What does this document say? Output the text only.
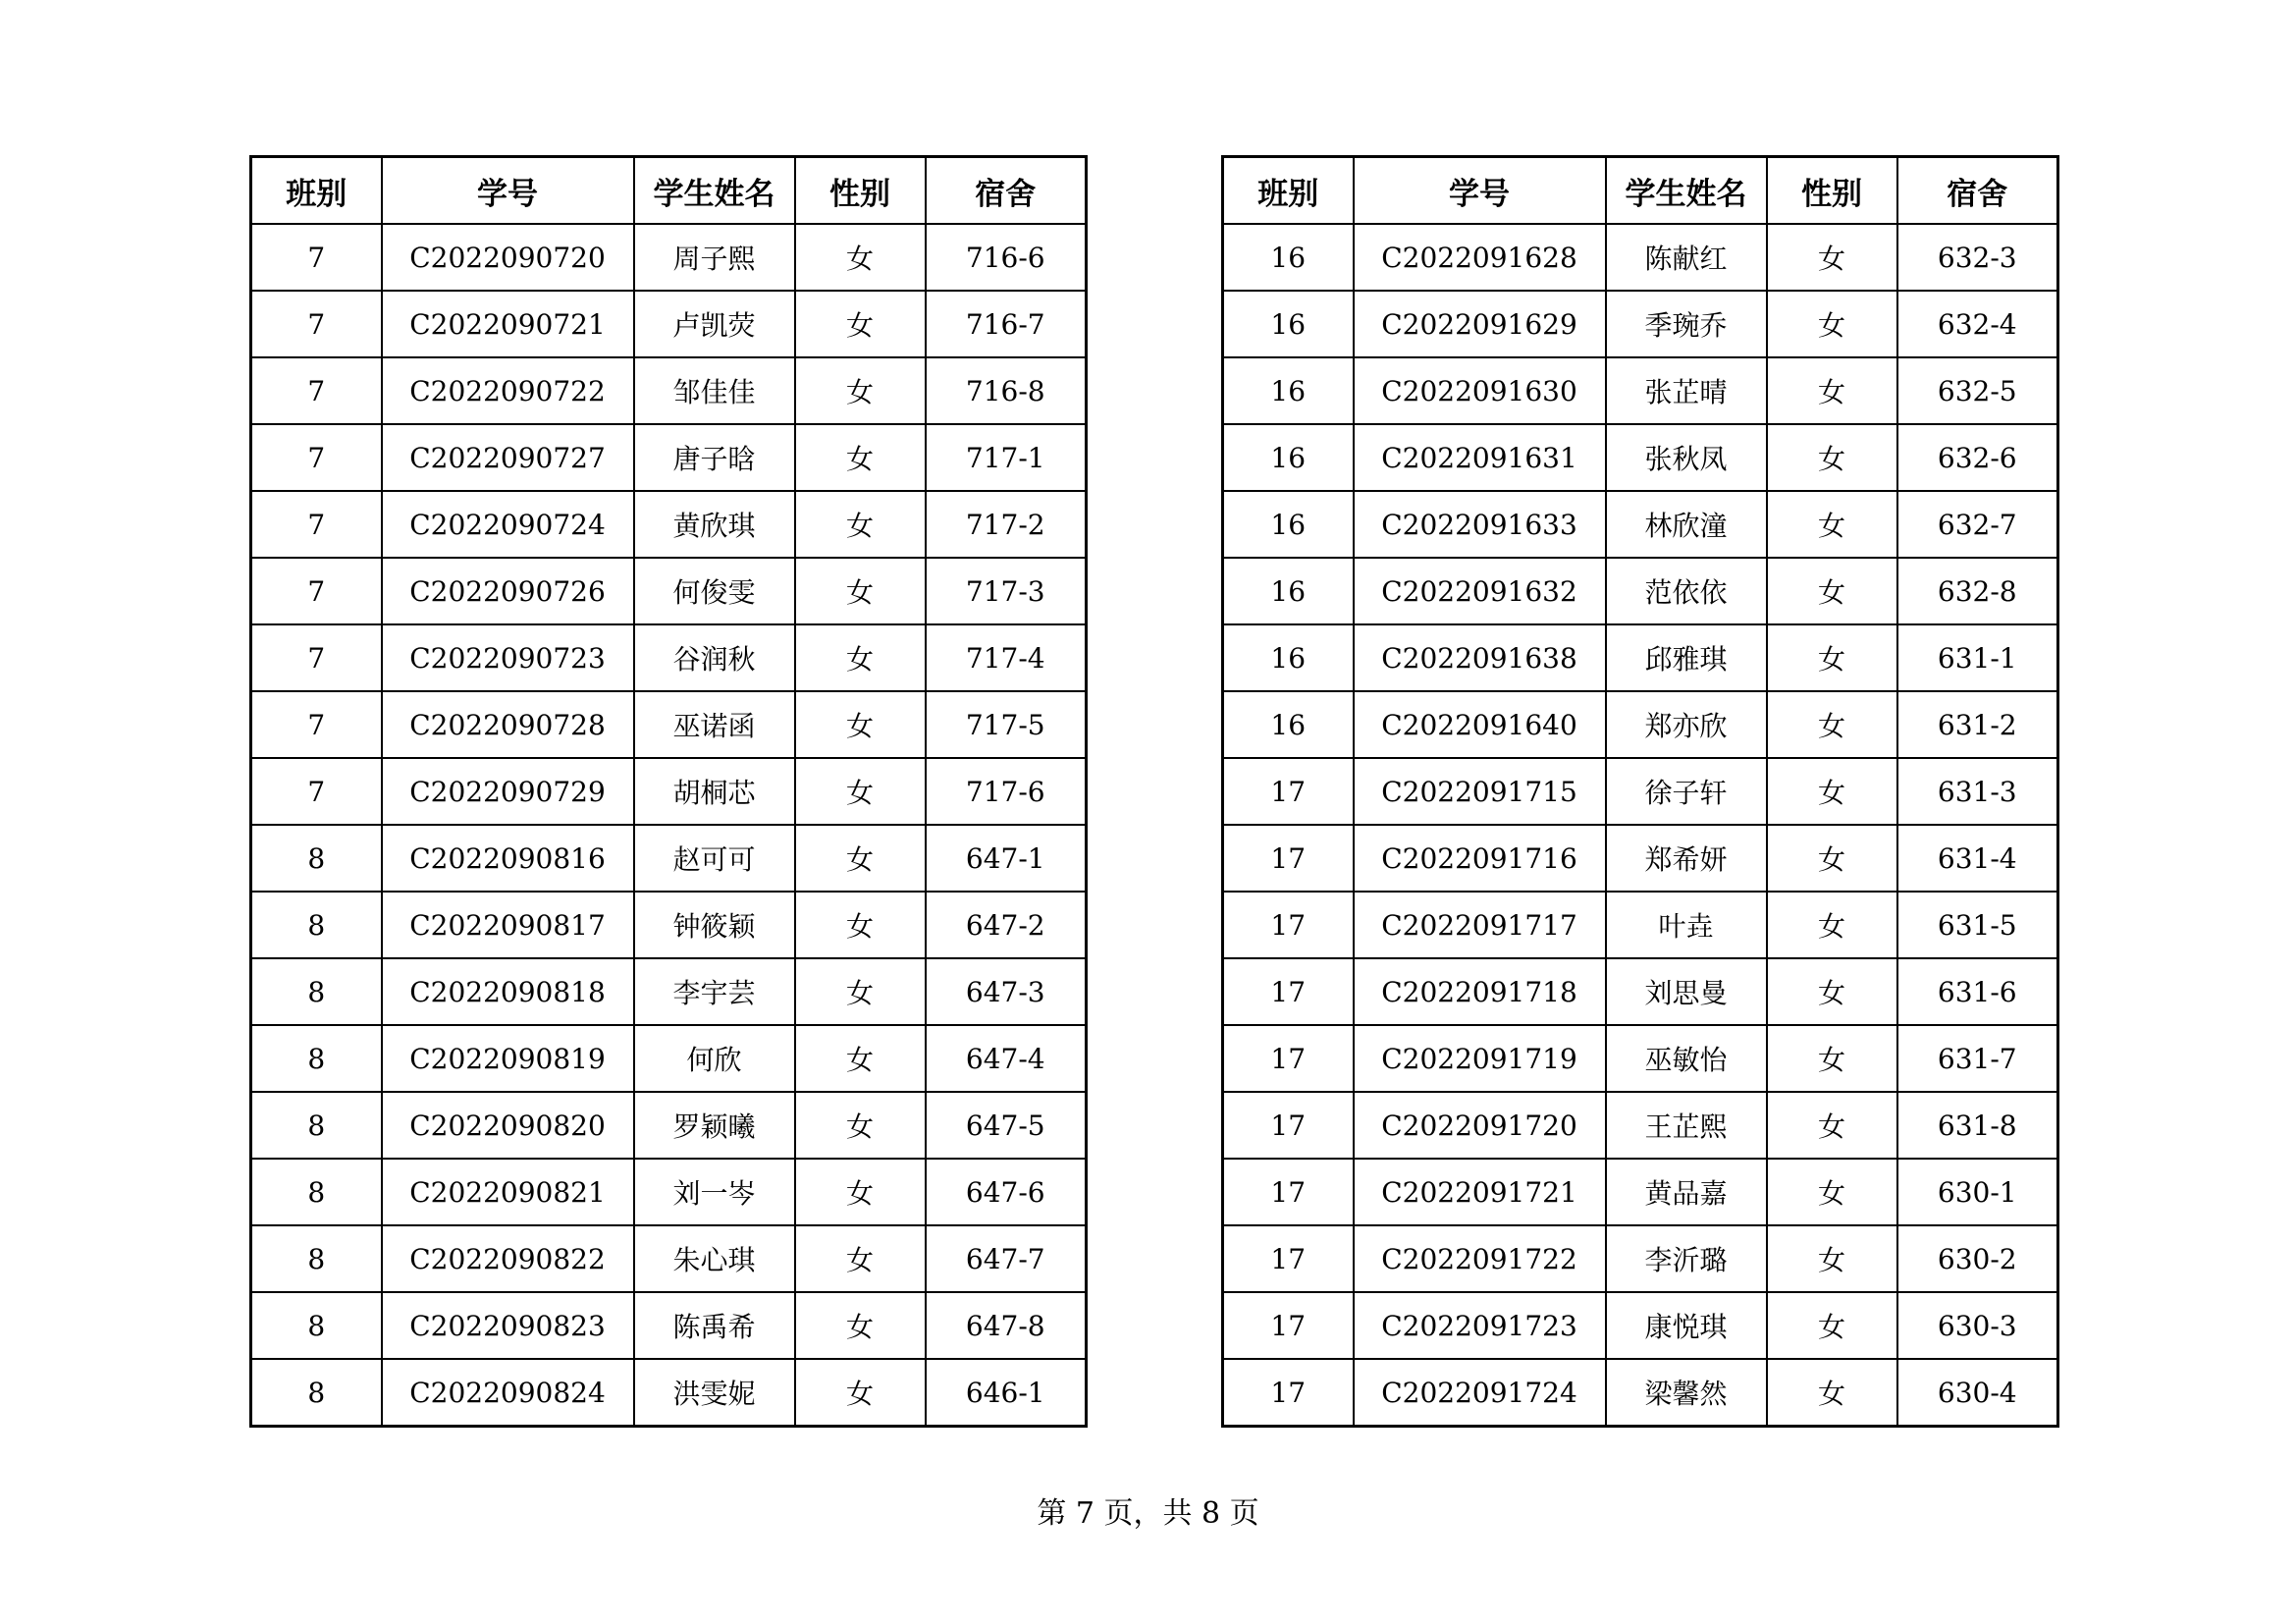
班别	学号	学生姓名	性别	宿舍
7	C2022090720	周子熙	女	716-6
7	C2022090721	卢凯荧	女	716-7
7	C2022090722	邹佳佳	女	716-8
7	C2022090727	唐子晗	女	717-1
7	C2022090724	黄欣琪	女	717-2
7	C2022090726	何俊雯	女	717-3
7	C2022090723	谷润秋	女	717-4
7	C2022090728	巫诺函	女	717-5
7	C2022090729	胡桐芯	女	717-6
8	C2022090816	赵可可	女	647-1
8	C2022090817	钟筱颖	女	647-2
8	C2022090818	李宇芸	女	647-3
8	C2022090819	何欣	女	647-4
8	C2022090820	罗颖曦	女	647-5
8	C2022090821	刘一岑	女	647-6
8	C2022090822	朱心琪	女	647-7
8	C2022090823	陈禹希	女	647-8
8	C2022090824	洪雯妮	女	646-1
班别	学号	学生姓名	性别	宿舍
16	C2022091628	陈献红	女	632-3
16	C2022091629	季琬乔	女	632-4
16	C2022091630	张芷晴	女	632-5
16	C2022091631	张秋凤	女	632-6
16	C2022091633	林欣潼	女	632-7
16	C2022091632	范依依	女	632-8
16	C2022091638	邱雅琪	女	631-1
16	C2022091640	郑亦欣	女	631-2
17	C2022091715	徐子轩	女	631-3
17	C2022091716	郑希妍	女	631-4
17	C2022091717	叶垚	女	631-5
17	C2022091718	刘思曼	女	631-6
17	C2022091719	巫敏怡	女	631-7
17	C2022091720	王芷熙	女	631-8
17	C2022091721	黄品嘉	女	630-1
17	C2022091722	李沂璐	女	630-2
17	C2022091723	康悦琪	女	630-3
17	C2022091724	梁馨然	女	630-4
第 7 页，共 8 页
